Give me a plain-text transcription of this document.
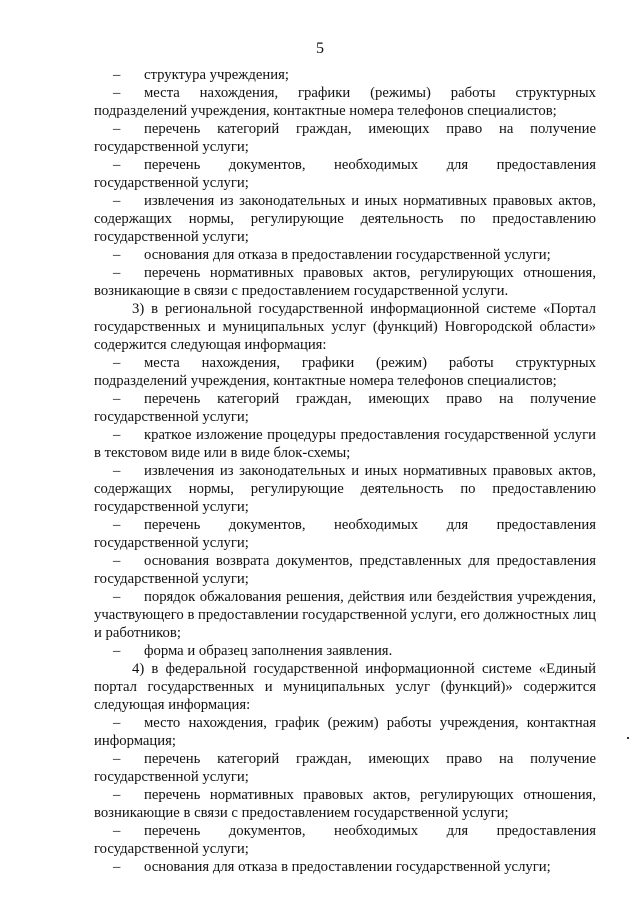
5

– структура учреждения;

– места нахождения, графики (режимы) работы структурных подразделений учреждения, контактные номера телефонов специалистов;

– перечень категорий граждан, имеющих право на получение государственной услуги;

– перечень документов, необходимых для предоставления государственной услуги;

– извлечения из законодательных и иных нормативных правовых актов, содержащих нормы, регулирующие деятельность по предоставлению государственной услуги;

– основания для отказа в предоставлении государственной услуги;

– перечень нормативных правовых актов, регулирующих отношения, возникающие в связи с предоставлением государственной услуги.

3) в региональной государственной информационной системе «Портал государственных и муниципальных услуг (функций) Новгородской области» содержится следующая информация:

– места нахождения, графики (режим) работы структурных подразделений учреждения, контактные номера телефонов специалистов;

– перечень категорий граждан, имеющих право на получение государственной услуги;

– краткое изложение процедуры предоставления государственной услуги в текстовом виде или в виде блок-схемы;

– извлечения из законодательных и иных нормативных правовых актов, содержащих нормы, регулирующие деятельность по предоставлению государственной услуги;

– перечень документов, необходимых для предоставления государственной услуги;

– основания возврата документов, представленных для предоставления государственной услуги;

– порядок обжалования решения, действия или бездействия учреждения, участвующего в предоставлении государственной услуги, его должностных лиц и работников;

– форма и образец заполнения заявления.

4) в федеральной государственной информационной системе «Единый портал государственных и муниципальных услуг (функций)» содержится следующая информация:

– место нахождения, график (режим) работы учреждения, контактная информация;

– перечень категорий граждан, имеющих право на получение государственной услуги;

– перечень нормативных правовых актов, регулирующих отношения, возникающие в связи с предоставлением государственной услуги;

– перечень документов, необходимых для предоставления государственной услуги;

– основания для отказа в предоставлении государственной услуги;
